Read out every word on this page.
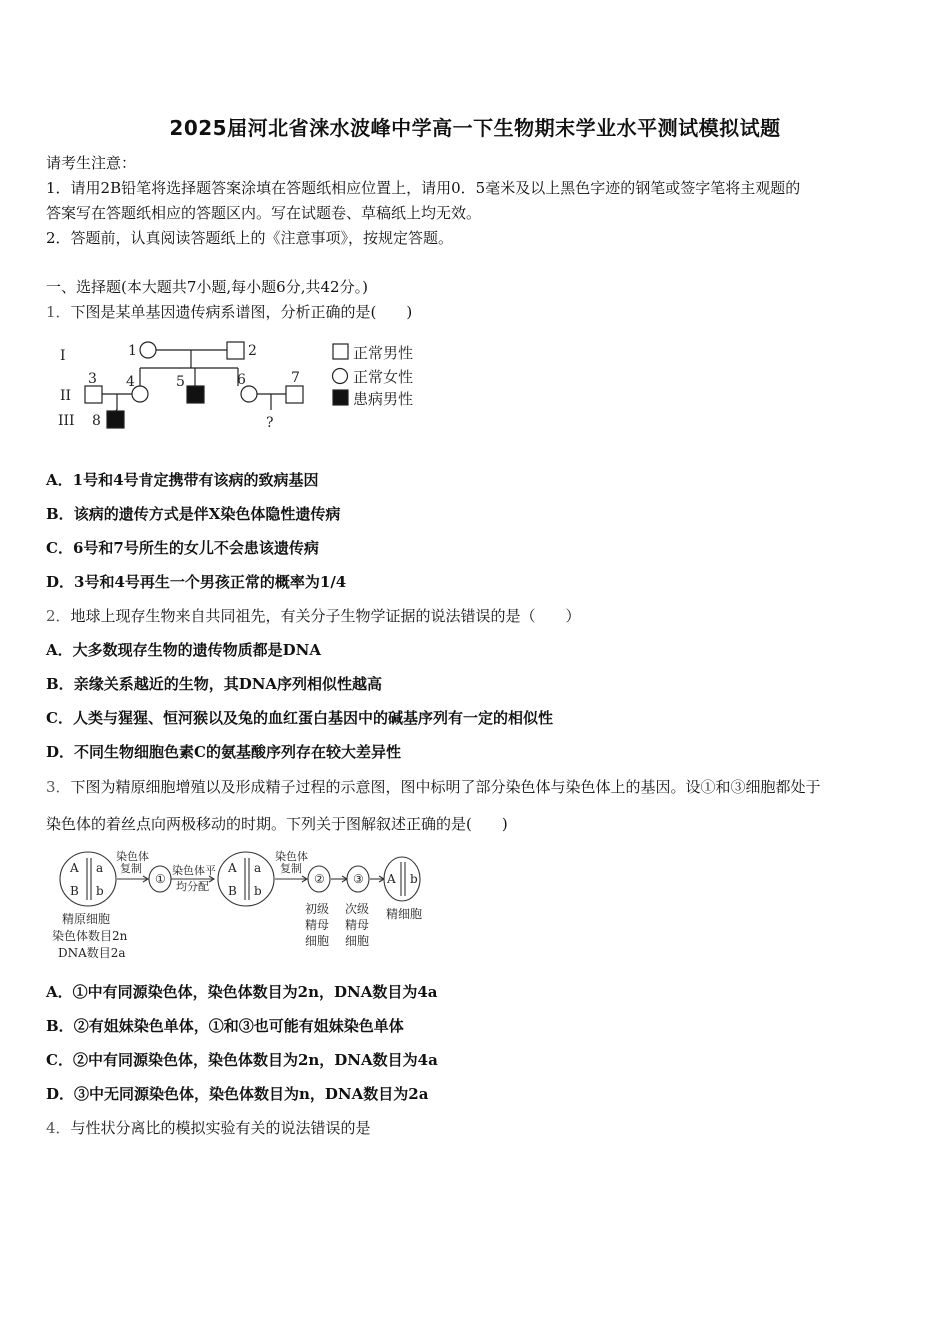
2025届河北省涞水波峰中学高一下生物期末学业水平测试模拟试题
请考生注意：
1．请用2B铅笔将选择题答案涂填在答题纸相应位置上，请用0．5毫米及以上黑色字迹的钢笔或签字笔将主观题的
答案写在答题纸相应的答题区内。写在试题卷、草稿纸上均无效。
2．答题前，认真阅读答题纸上的《注意事项》，按规定答题。
一、选择题(本大题共7小题,每小题6分,共42分。)
1．下图是某单基因遗传病系谱图，分析正确的是(　　)
I
II
III
1	2
3 4	5	6	7
8	?
正常男性
正常女性
患病男性
A．1号和4号肯定携带有该病的致病基因
B．该病的遗传方式是伴X染色体隐性遗传病
C．6号和7号所生的女儿不会患该遗传病
D．3号和4号再生一个男孩正常的概率为1/4
2．地球上现存生物来自共同祖先，有关分子生物学证据的说法错误的是（　　）
A．大多数现存生物的遗传物质都是DNA
B．亲缘关系越近的生物，其DNA序列相似性越高
C．人类与猩猩、恒河猴以及兔的血红蛋白基因中的碱基序列有一定的相似性
D．不同生物细胞色素C的氨基酸序列存在较大差异性
3．下图为精原细胞增殖以及形成精子过程的示意图，图中标明了部分染色体与染色体上的基因。设①和③细胞都处于
染色体的着丝点向两极移动的时期。下列关于图解叙述正确的是(　　)
A a
B b
染色体
复制
①
染色体平
均分配
A a
B b
染色体
复制
② ③ A b
精原细胞
染色体数目2n
DNA数目2a
初级
精母
细胞
次级
精母
细胞
精细胞
A．①中有同源染色体，染色体数目为2n，DNA数目为4a
B．②有姐妹染色单体，①和③也可能有姐妹染色单体
C．②中有同源染色体，染色体数目为2n，DNA数目为4a
D．③中无同源染色体，染色体数目为n，DNA数目为2a
4．与性状分离比的模拟实验有关的说法错误的是
